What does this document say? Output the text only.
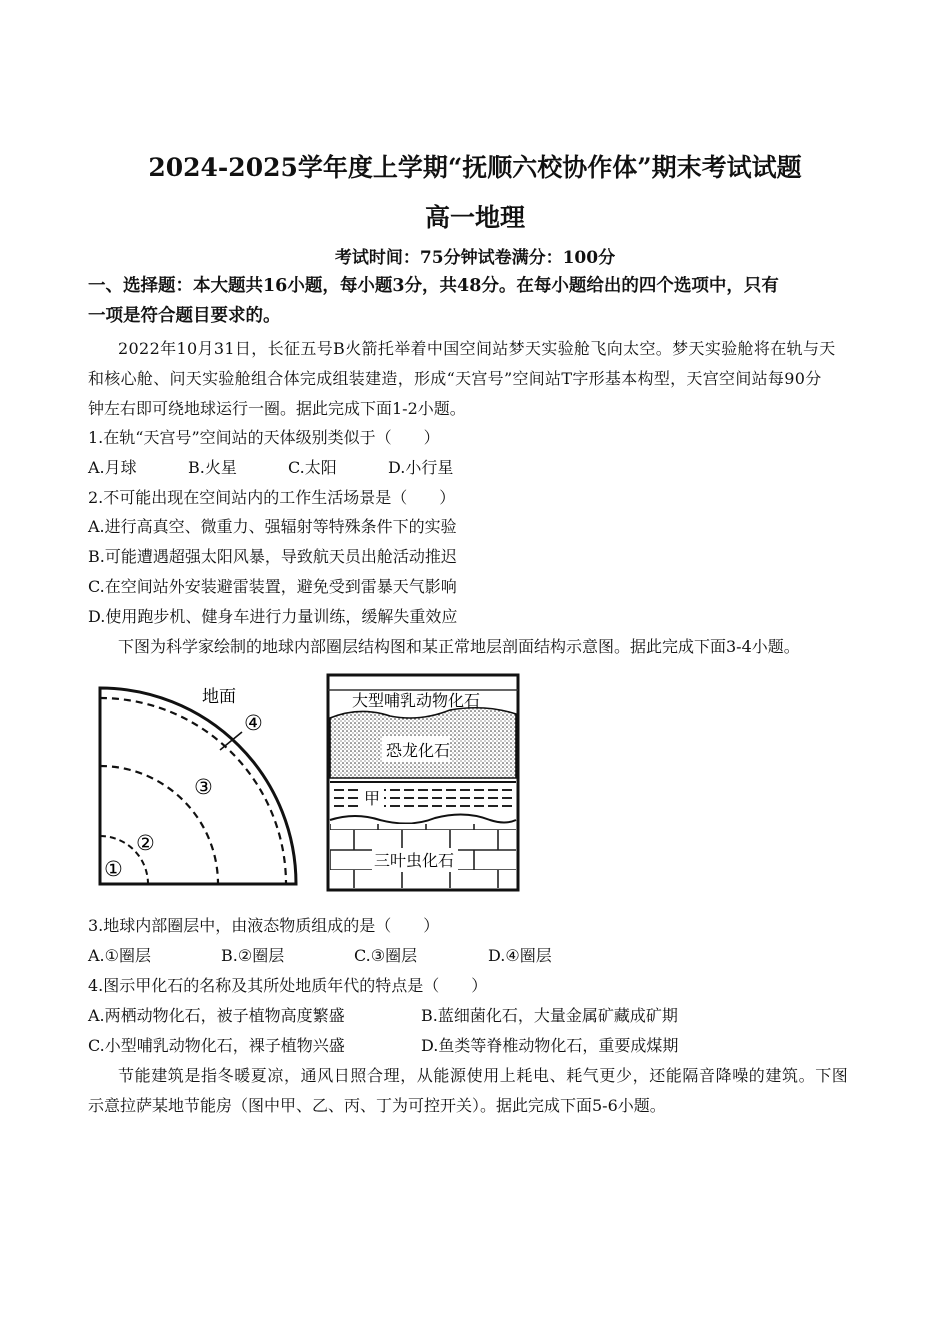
2024-2025学年度上学期“抚顺六校协作体”期末考试试题
高一地理
考试时间：75分钟试卷满分：100分
一、选择题：本大题共16小题，每小题3分，共48分。在每小题给出的四个选项中，只有
一项是符合题目要求的。
2022年10月31日，长征五号B火箭托举着中国空间站梦天实验舱飞向太空。梦天实验舱将在轨与天
和核心舱、问天实验舱组合体完成组装建造，形成“天宫号”空间站T字形基本构型，天宫空间站每90分
钟左右即可绕地球运行一圈。据此完成下面1-2小题。
1.在轨“天宫号”空间站的天体级别类似于（　　）
A.月球	B.火星	C.太阳	D.小行星
2.不可能出现在空间站内的工作生活场景是（　　）
A.进行高真空、微重力、强辐射等特殊条件下的实验
B.可能遭遇超强太阳风暴，导致航天员出舱活动推迟
C.在空间站外安装避雷装置，避免受到雷暴天气影响
D.使用跑步机、健身车进行力量训练，缓解失重效应
下图为科学家绘制的地球内部圈层结构图和某正常地层剖面结构示意图。据此完成下面3-4小题。
地面
④
③
②
①
大型哺乳动物化石
恐龙化石
甲
三叶虫化石
3.地球内部圈层中，由液态物质组成的是（　　）
A.①圈层	B.②圈层	C.③圈层	D.④圈层
4.图示甲化石的名称及其所处地质年代的特点是（　　）
A.两栖动物化石，被子植物高度繁盛	B.蓝细菌化石，大量金属矿藏成矿期
C.小型哺乳动物化石，裸子植物兴盛	D.鱼类等脊椎动物化石，重要成煤期
节能建筑是指冬暖夏凉，通风日照合理，从能源使用上耗电、耗气更少，还能隔音降噪的建筑。下图
示意拉萨某地节能房（图中甲、乙、丙、丁为可控开关）。据此完成下面5-6小题。
